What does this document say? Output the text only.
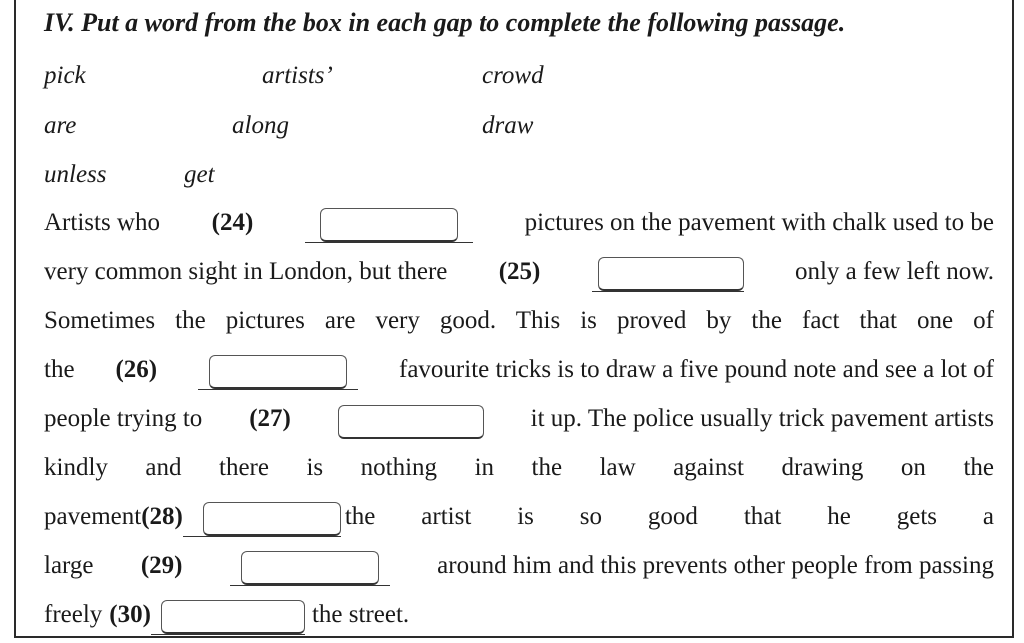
IV. Put a word from the box in each gap to complete the following passage.
pick	artists’	crowd
are	along	draw
unless	get
Artists who (24)	pictures on the pavement with chalk used to be
very common sight in London, but there (25)	only a few left now.
Sometimes the pictures are very good. This is proved by the fact that one of
the (26)	favourite tricks is to draw a five pound note and see a lot of
people trying to (27)	it up. The police usually trick pavement artists
kindly and there is nothing in the law against drawing on the
pavement (28)	the artist is so good that he gets a
large (29)	around him and this prevents other people from passing
freely (30)	the street.
